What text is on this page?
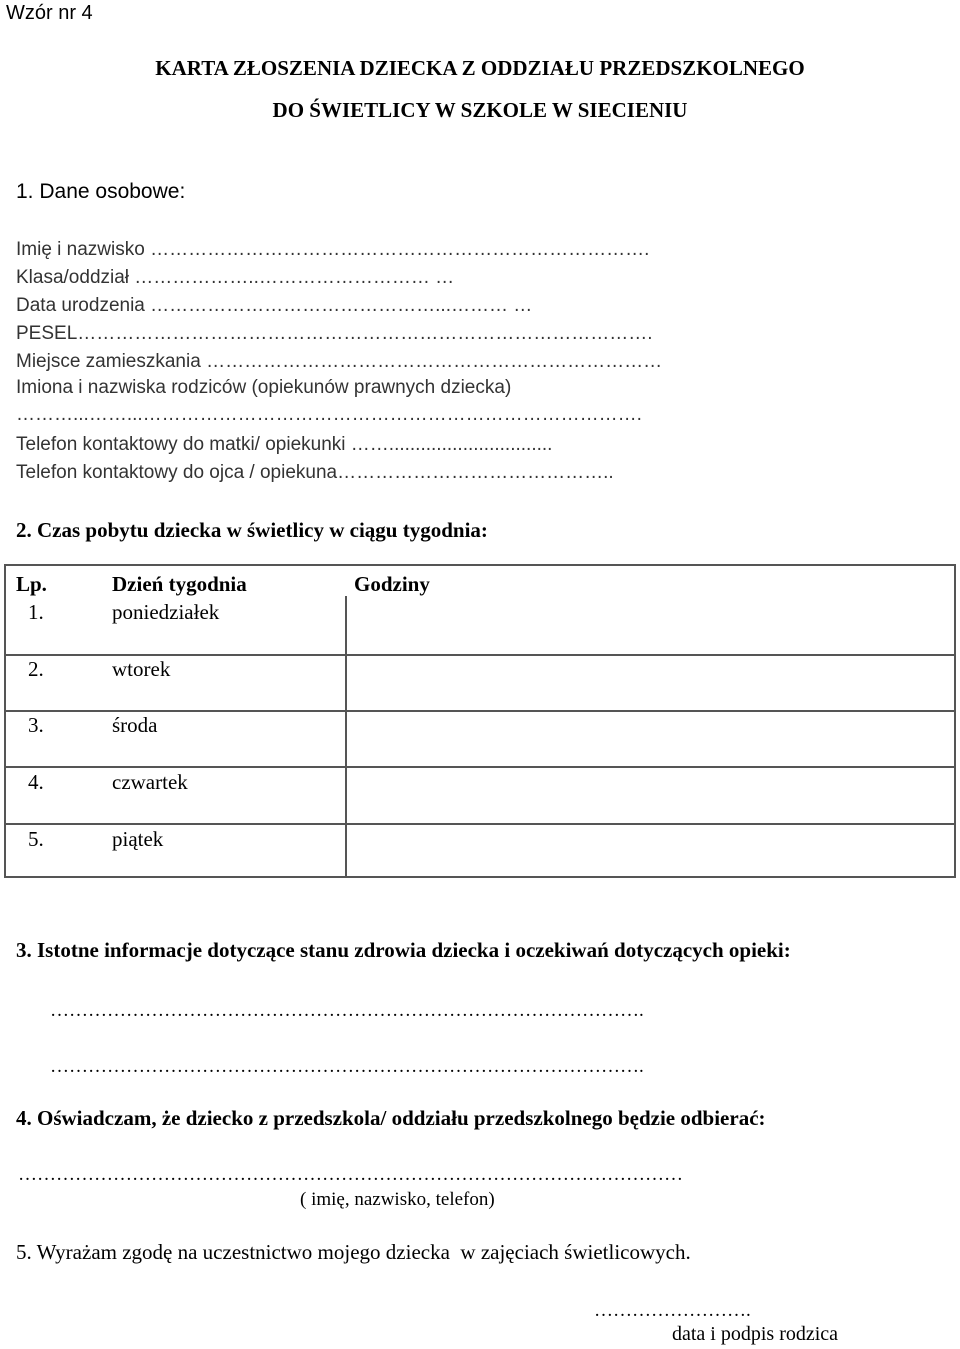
Wzór nr 4
KARTA ZŁOSZENIA DZIECKA Z ODDZIAŁU PRZEDSZKOLNEGO
DO ŚWIETLICY W SZKOLE W SIECIENIU
1. Dane osobowe:
Imię i nazwisko …………………………………………………………………….
Klasa/oddział ………………..……………………… …
Data urodzenia ………………………………………...……… …
PESEL……………………………………………………………………………….
Miejsce zamieszkania ………………………………………………………………
Imiona i nazwiska rodziców (opiekunów prawnych dziecka)
………...……...…………………………………………………………………….
Telefon kontaktowy do matki/ opiekunki ……...............................
Telefon kontaktowy do ojca / opiekuna……………………………………..
2. Czas pobytu dziecka w świetlicy w ciągu tygodnia:
Lp.	Dzień tygodnia	Godziny
1.	poniedziałek
2.	wtorek
3.	środa
4.	czwartek
5.	piątek
3. Istotne informacje dotyczące stanu zdrowia dziecka i oczekiwań dotyczących opieki:
………………………………………………………………………………….
………………………………………………………………………………….
4. Oświadczam, że dziecko z przedszkola/ oddziału przedszkolnego będzie odbierać:
……………………………………………………………………………………………
( imię, nazwisko, telefon)
5. Wyrażam zgodę na uczestnictwo mojego dziecka  w zajęciach świetlicowych.
…………………….
data i podpis rodzica
